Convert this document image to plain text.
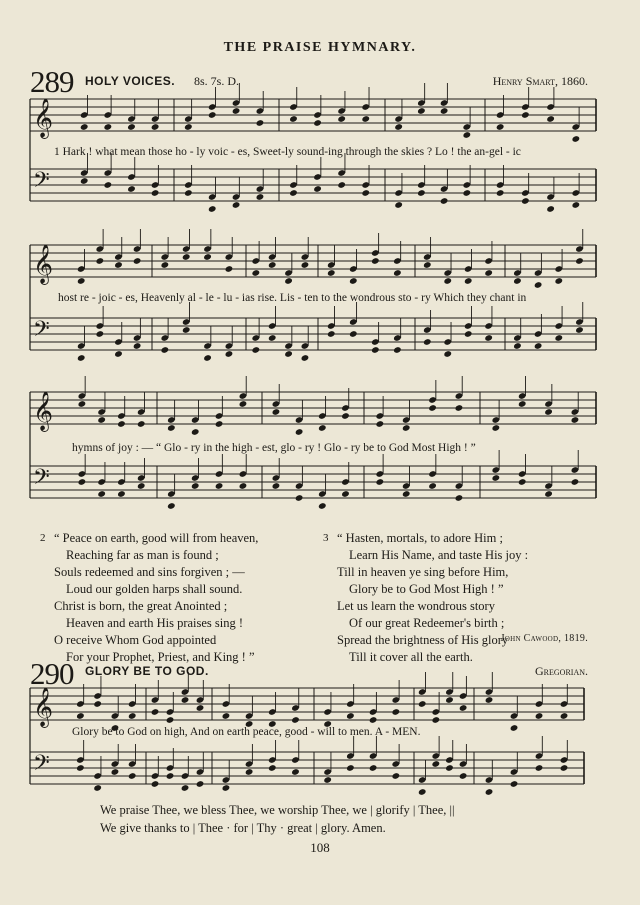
THE PRAISE HYMNARY.
289 HOLY VOICES. 8s. 7s. D.	Henry Smart, 1860.
𝄞
𝄢
𝄞
𝄢
𝄞
𝄢
𝄞
𝄢
1 Hark ! what mean those ho - ly voic - es, Sweet-ly sound-ing through the skies ? Lo ! the an-gel - ic
host re - joic - es, Heavenly al - le - lu - ias rise. Lis - ten to the wondrous sto - ry Which they chant in
hymns of joy : — “ Glo - ry in the high - est, glo - ry ! Glo - ry be to God Most High ! ”
2 “ Peace on earth, good will from heaven,
Reaching far as man is found ;
Souls redeemed and sins forgiven ; —
Loud our golden harps shall sound.
Christ is born, the great Anointed ;
Heaven and earth His praises sing !
O receive Whom God appointed
For your Prophet, Priest, and King ! ”
3 “ Hasten, mortals, to adore Him ;
Learn His Name, and taste His joy :
Till in heaven ye sing before Him,
Glory be to God Most High ! ”
Let us learn the wondrous story
Of our great Redeemer's birth ;
Spread the brightness of His glory
Till it cover all the earth.
John Cawood, 1819.
290 GLORY BE TO GOD.	Gregorian.
Glory be to God on high, And on earth peace, good - will to men. A - MEN.
We praise Thee, we bless Thee, we worship Thee, we | glorify | Thee, ||
We give thanks to | Thee · for | Thy · great | glory. Amen.
108
